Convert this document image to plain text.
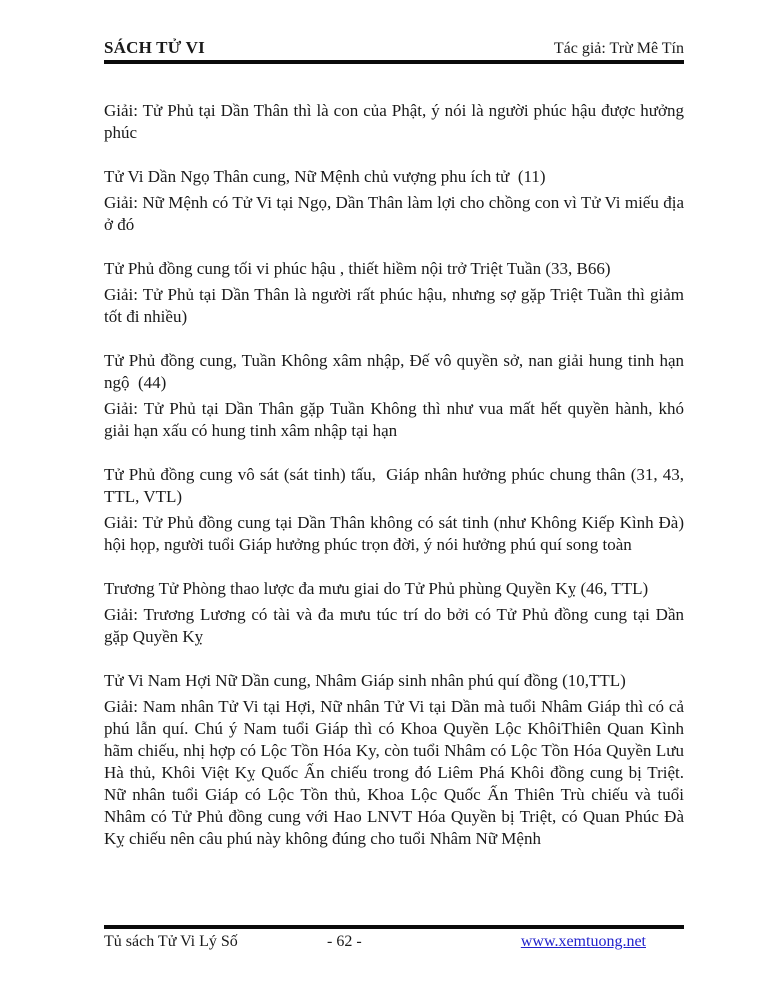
SÁCH TỬ VI	Tác giả: Trừ Mê Tín

Giải: Tử Phủ tại Dần Thân thì là con của Phật, ý nói là người phúc hậu được hưởng phúc

Tử Vi Dần Ngọ Thân cung, Nữ Mệnh chủ vượng phu ích tử  (11)

Giải: Nữ Mệnh có Tử Vi tại Ngọ, Dần Thân làm lợi cho chồng con vì Tử Vi miếu địa ở đó

Tử Phủ đồng cung tối vi phúc hậu , thiết hiềm nội trở Triệt Tuần (33, B66)

Giải: Tử Phủ tại Dần Thân là người rất phúc hậu, nhưng sợ gặp Triệt Tuần thì giảm tốt đi nhiều)

Tử Phủ đồng cung, Tuần Không xâm nhập, Đế vô quyền sở, nan giải hung tinh hạn ngộ  (44)

Giải: Tử Phủ tại Dần Thân gặp Tuần Không thì như vua mất hết quyền hành, khó giải hạn xấu có hung tinh xâm nhập tại hạn

Tử Phủ đồng cung vô sát (sát tinh) tấu,  Giáp nhân hưởng phúc chung thân (31, 43, TTL, VTL)

Giải: Tử Phủ đồng cung tại Dần Thân không có sát tinh (như Không Kiếp Kình Đà) hội họp, người tuổi Giáp hưởng phúc trọn đời, ý nói hưởng phú quí song toàn

Trương Tử Phòng thao lược đa mưu giai do Tử Phủ phùng Quyền Kỵ (46, TTL)

Giải: Trương Lương có tài và đa mưu túc trí do bởi có Tử Phủ đồng cung tại Dần gặp Quyền Kỵ

Tử Vi Nam Hợi Nữ Dần cung, Nhâm Giáp sinh nhân phú quí đồng (10,TTL)

Giải: Nam nhân Tử Vi tại Hợi, Nữ nhân Tử Vi tại Dần mà tuổi Nhâm Giáp thì có cả phú lẫn quí. Chú ý Nam tuổi Giáp thì có Khoa Quyền Lộc KhôiThiên Quan Kình hãm chiếu, nhị hợp có Lộc Tồn Hóa Ky, còn tuổi Nhâm có Lộc Tồn Hóa Quyền Lưu Hà thủ, Khôi Việt Kỵ Quốc Ấn chiếu trong đó Liêm Phá Khôi đồng cung bị Triệt. Nữ nhân tuổi Giáp có Lộc Tồn thủ, Khoa Lộc Quốc Ấn Thiên Trù chiếu và tuổi Nhâm có Tử Phủ đồng cung với Hao LNVT Hóa Quyền bị Triệt, có Quan Phúc Đà Kỵ chiếu nên câu phú này không đúng cho tuổi Nhâm Nữ Mệnh

Tủ sách Tử Vi Lý Số	- 62 -	www.xemtuong.net
